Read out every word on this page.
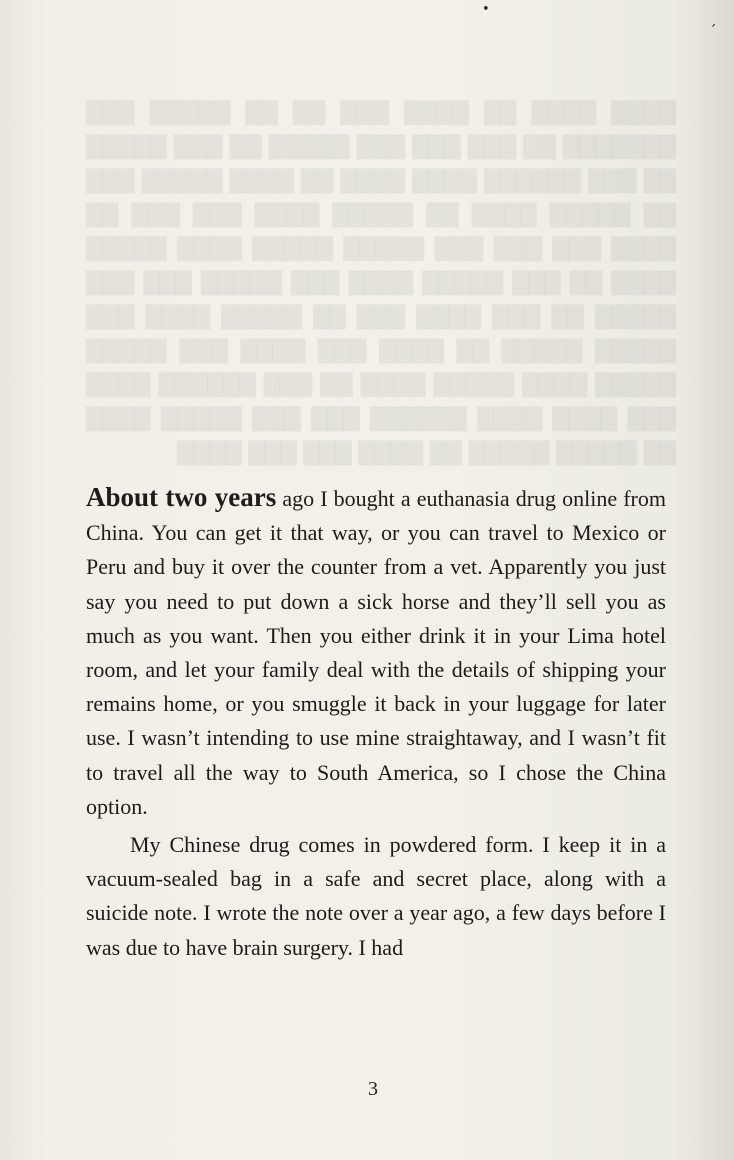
████ ████ ██ ████ ███ ██ ██ █████ ███ ███████ ██ ███ ███ ███ █████ ██ ███ █████ ██ ███ ██████ ████ ████ ██ ████ █████ ███ ██ █████ ████ ██ █████ ████ ███ ███ ██ ████ ███ ███ ███ █████ █████ ████ █████ ████ ██ ███ █████ ████ ███ █████ ███ ███ █████ ██ ███ ████ ███ ██ █████ ████ ███ █████ █████ ██ ████ ███ ████ ███ █████ █████ ████ █████ ████ ██ ███ ██████ ████ ███ ████ ████ ██████ ███ ███ █████ ████ ██ █████ █████ ██ ████ ███ ███ ████
•
’

About two years ago I bought a euthanasia drug online from China. You can get it that way, or you can travel to Mexico or Peru and buy it over the counter from a vet. Apparently you just say you need to put down a sick horse and they’ll sell you as much as you want. Then you either drink it in your Lima hotel room, and let your family deal with the details of shipping your remains home, or you smuggle it back in your luggage for later use. I wasn’t intending to use mine straightaway, and I wasn’t fit to travel all the way to South America, so I chose the China option.

My Chinese drug comes in powdered form. I keep it in a vacuum-sealed bag in a safe and secret place, along with a suicide note. I wrote the note over a year ago, a few days before I was due to have brain surgery. I had

3
